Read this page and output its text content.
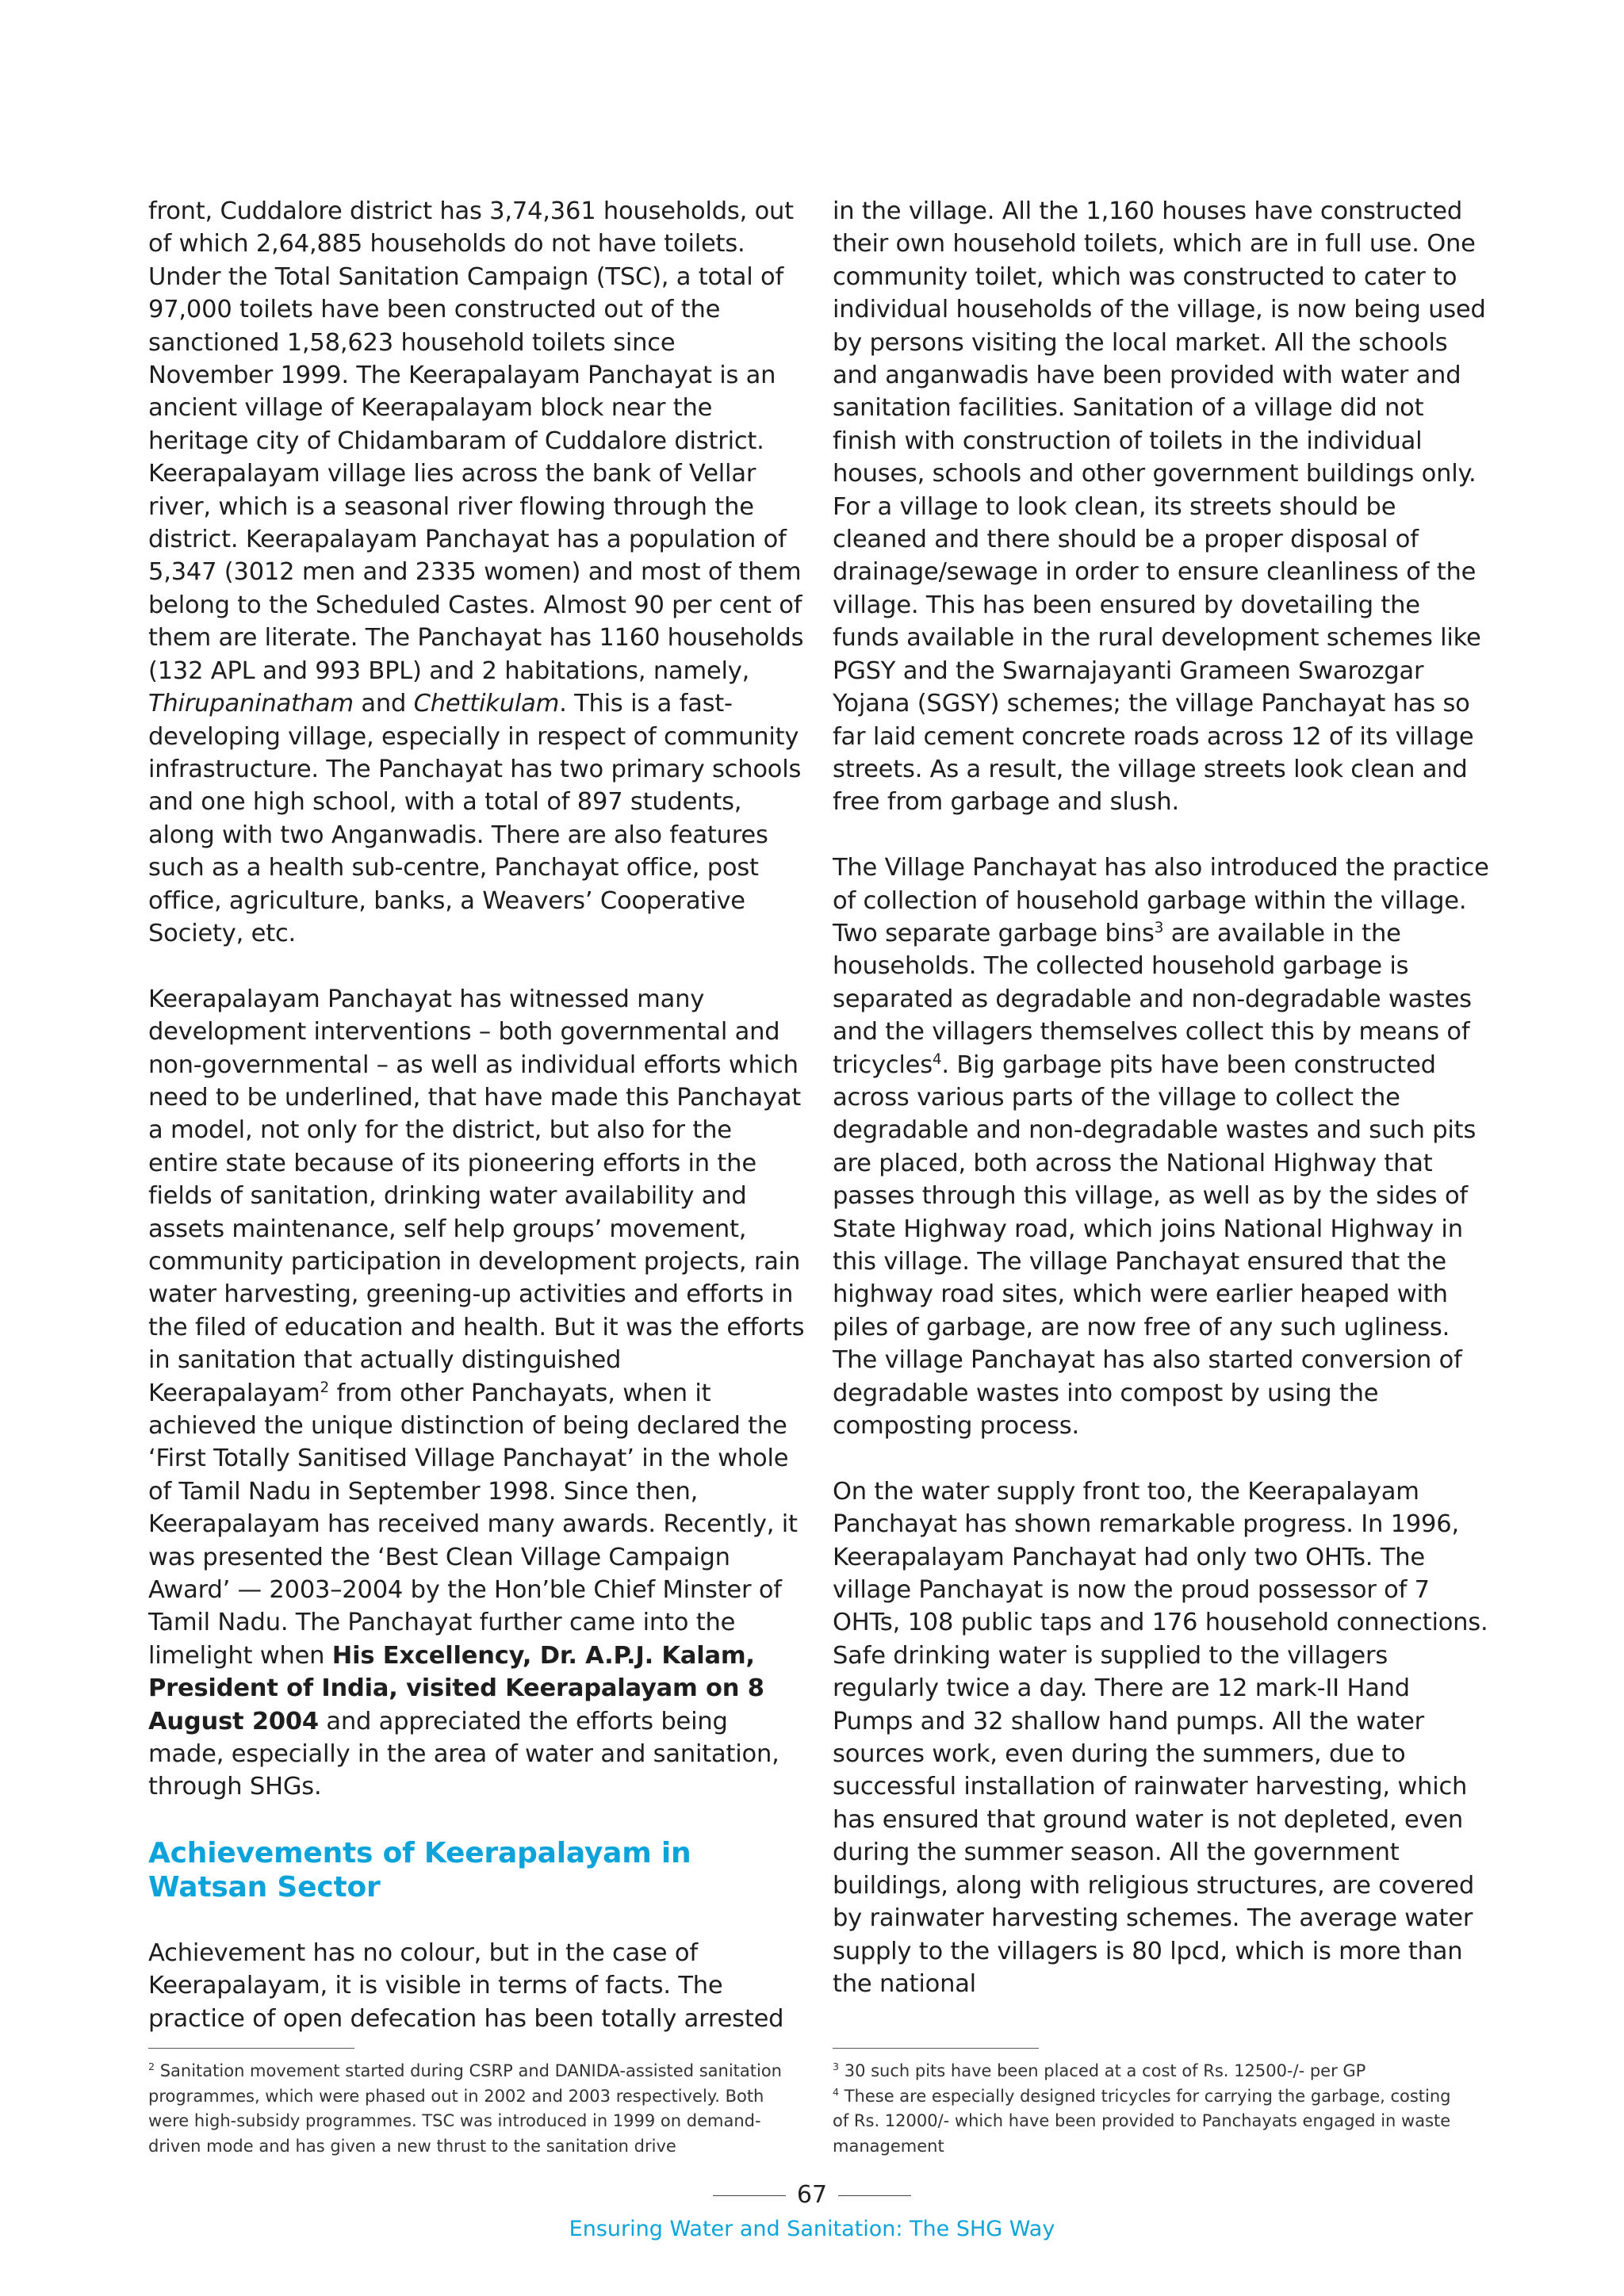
front, Cuddalore district has 3,74,361 households, out of which 2,64,885 households do not have toilets. Under the Total Sanitation Campaign (TSC), a total of 97,000 toilets have been constructed out of the sanctioned 1,58,623 household toilets since November 1999. The Keerapalayam Panchayat is an ancient village of Keerapalayam block near the heritage city of Chidambaram of Cuddalore district. Keerapalayam village lies across the bank of Vellar river, which is a seasonal river flowing through the district. Keerapalayam Panchayat has a population of 5,347 (3012 men and 2335 women) and most of them belong to the Scheduled Castes. Almost 90 per cent of them are literate. The Panchayat has 1160 households (132 APL and 993 BPL) and 2 habitations, namely, Thirupaninatham and Chettikulam. This is a fast-developing village, especially in respect of community infrastructure. The Panchayat has two primary schools and one high school, with a total of 897 students, along with two Anganwadis. There are also features such as a health sub-centre, Panchayat office, post office, agriculture, banks, a Weavers’ Cooperative Society, etc.

Keerapalayam Panchayat has witnessed many development interventions – both governmental and non-governmental – as well as individual efforts which need to be underlined, that have made this Panchayat a model, not only for the district, but also for the entire state because of its pioneering efforts in the fields of sanitation, drinking water availability and assets maintenance, self help groups’ movement, community participation in development projects, rain water harvesting, greening-up activities and efforts in the filed of education and health. But it was the efforts in sanitation that actually distinguished Keerapalayam$^2$ from other Panchayats, when it achieved the unique distinction of being declared the ‘First Totally Sanitised Village Panchayat’ in the whole of Tamil Nadu in September 1998. Since then, Keerapalayam has received many awards. Recently, it was presented the ‘Best Clean Village Campaign Award’ — 2003–2004 by the Hon’ble Chief Minster of Tamil Nadu. The Panchayat further came into the limelight when His Excellency, Dr. A.P.J. Kalam, President of India, visited Keerapalayam on 8 August 2004 and appreciated the efforts being made, especially in the area of water and sanitation, through SHGs.

Achievements of Keerapalayam in Watsan Sector

Achievement has no colour, but in the case of Keerapalayam, it is visible in terms of facts. The practice of open defecation has been totally arrested

in the village. All the 1,160 houses have constructed their own household toilets, which are in full use. One community toilet, which was constructed to cater to individual households of the village, is now being used by persons visiting the local market. All the schools and anganwadis have been provided with water and sanitation facilities. Sanitation of a village did not finish with construction of toilets in the individual houses, schools and other government buildings only. For a village to look clean, its streets should be cleaned and there should be a proper disposal of drainage/sewage in order to ensure cleanliness of the village. This has been ensured by dovetailing the funds available in the rural development schemes like PGSY and the Swarnajayanti Grameen Swarozgar Yojana (SGSY) schemes; the village Panchayat has so far laid cement concrete roads across 12 of its village streets. As a result, the village streets look clean and free from garbage and slush.

The Village Panchayat has also introduced the practice of collection of household garbage within the village. Two separate garbage bins$^3$ are available in the households. The collected household garbage is separated as degradable and non-degradable wastes and the villagers themselves collect this by means of tricycles$^4$. Big garbage pits have been constructed across various parts of the village to collect the degradable and non-degradable wastes and such pits are placed, both across the National Highway that passes through this village, as well as by the sides of State Highway road, which joins National Highway in this village. The village Panchayat ensured that the highway road sites, which were earlier heaped with piles of garbage, are now free of any such ugliness. The village Panchayat has also started conversion of degradable wastes into compost by using the composting process.

On the water supply front too, the Keerapalayam Panchayat has shown remarkable progress. In 1996, Keerapalayam Panchayat had only two OHTs. The village Panchayat is now the proud possessor of 7 OHTs, 108 public taps and 176 household connections. Safe drinking water is supplied to the villagers regularly twice a day. There are 12 mark-II Hand Pumps and 32 shallow hand pumps. All the water sources work, even during the summers, due to successful installation of rainwater harvesting, which has ensured that ground water is not depleted, even during the summer season. All the government buildings, along with religious structures, are covered by rainwater harvesting schemes. The average water supply to the villagers is 80 lpcd, which is more than the national

$^2$ Sanitation movement started during CSRP and DANIDA-assisted sanitation programmes, which were phased out in 2002 and 2003 respectively. Both were high-subsidy programmes. TSC was introduced in 1999 on demand-driven mode and has given a new thrust to the sanitation drive
$^3$ 30 such pits have been placed at a cost of Rs. 12500-/- per GP
$^4$ These are especially designed tricycles for carrying the garbage, costing of Rs. 12000/- which have been provided to Panchayats engaged in waste management
67
Ensuring Water and Sanitation: The SHG Way
